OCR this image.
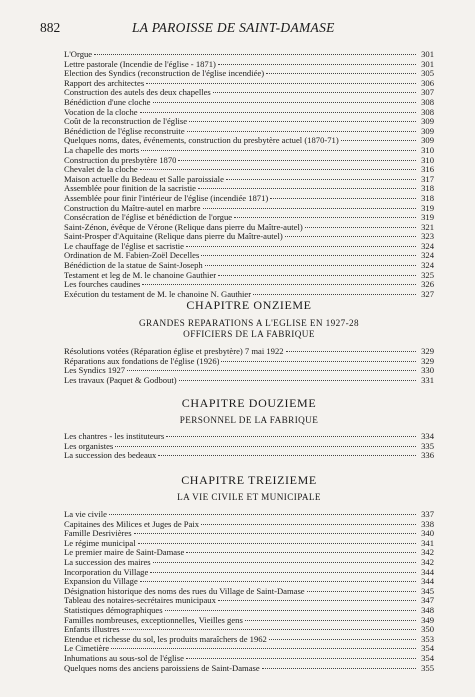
882	LA PAROISSE DE SAINT-DAMASE
L'Orgue	301
Lettre pastorale (Incendie de l'église - 1871)	301
Election des Syndics (reconstruction de l'église incendiée)	305
Rapport des architectes	306
Construction des autels des deux chapelles	307
Bénédiction d'une cloche	308
Vocation de la cloche	308
Coût de la reconstruction de l'église	309
Bénédiction de l'église reconstruite	309
Quelques noms, dates, événements, construction du presbytère actuel (1870-71)	309
La chapelle des morts	310
Construction du presbytère 1870	310
Chevalet de la cloche	316
Maison actuelle du Bedeau et Salle paroissiale	317
Assemblée pour finition de la sacristie	318
Assemblée pour finir l'intérieur de l'église (incendiée 1871)	318
Construction du Maître-autel en marbre	319
Consécration de l'église et bénédiction de l'orgue	319
Saint-Zénon, évêque de Vérone (Relique dans pierre du Maître-autel)	321
Saint-Prosper d'Aquitaine (Relique dans pierre du Maître-autel)	323
Le chauffage de l'église et sacristie	324
Ordination de M. Fabien-Zoël Decelles	324
Bénédiction de la statue de Saint-Joseph	324
Testament et leg de M. le chanoine Gauthier	325
Les fourches caudines	326
Exécution du testament de M. le chanoine N. Gauthier	327
CHAPITRE ONZIEME
GRANDES REPARATIONS A L'EGLISE EN 1927-28
OFFICIERS DE LA FABRIQUE
Résolutions votées (Réparation église et presbytère) 7 mai 1922	329
Réparations aux fondations de l'église (1926)	329
Les Syndics 1927	330
Les travaux (Paquet & Godbout)	331
CHAPITRE DOUZIEME
PERSONNEL DE LA FABRIQUE
Les chantres - les instituteurs	334
Les organistes	335
La succession des bedeaux	336
CHAPITRE TREIZIEME
LA VIE CIVILE ET MUNICIPALE
La vie civile	337
Capitaines des Milices et Juges de Paix	338
Famille Desrivières	340
Le régime municipal	341
Le premier maire de Saint-Damase	342
La succession des maires	342
Incorporation du Village	344
Expansion du Village	344
Désignation historique des noms des rues du Village de Saint-Damase	345
Tableau des notaires-secrétaires municipaux	347
Statistiques démographiques	348
Familles nombreuses, exceptionnelles, Vieilles gens	349
Enfants illustres	350
Etendue et richesse du sol, les produits maraîchers de 1962	353
Le Cimetière	354
Inhumations au sous-sol de l'église	354
Quelques noms des anciens paroissiens de Saint-Damase	355
